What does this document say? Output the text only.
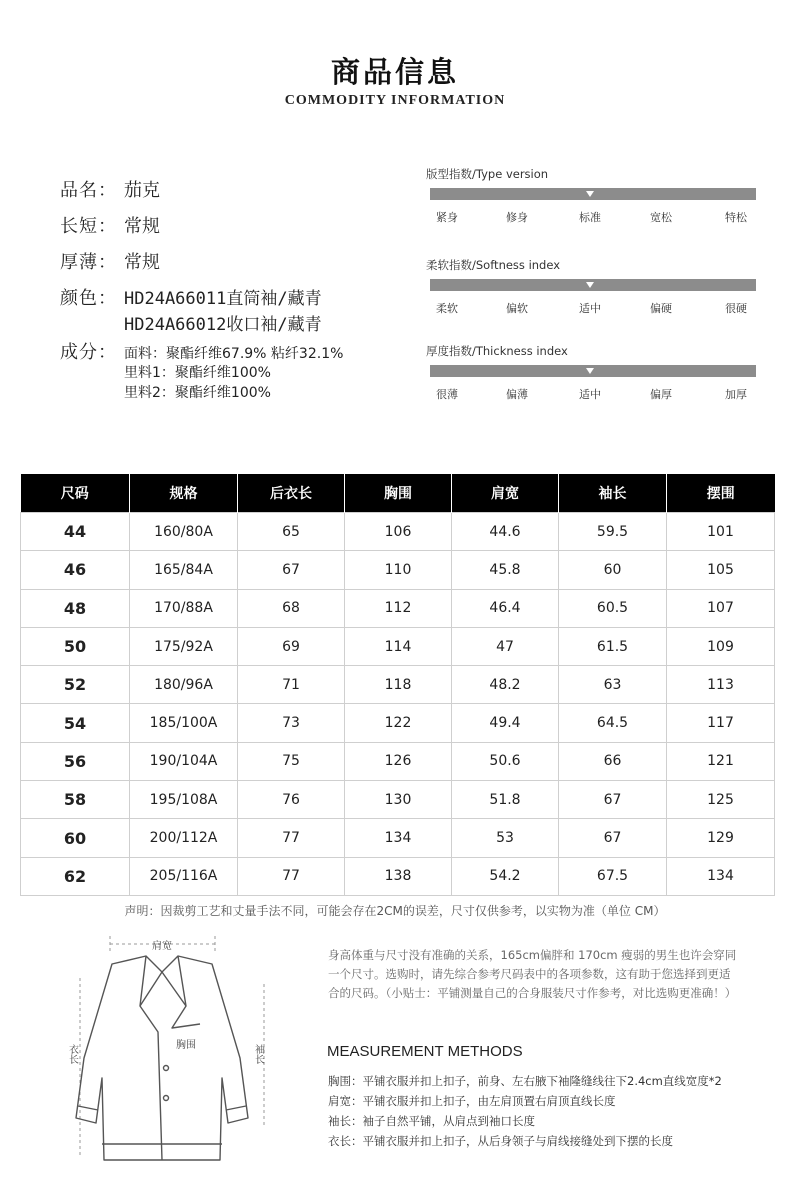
商品信息
COMMODITY INFORMATION
品名： 茄克
长短： 常规
厚薄： 常规
颜色： HD24A66011直筒袖/藏青
HD24A66012收口袖/藏青
成分： 面料：聚酯纤维67.9% 粘纤32.1%
里料1：聚酯纤维100%
里料2：聚酯纤维100%
版型指数/Type version
紧身	修身	标准	宽松	特松
柔软指数/Softness index
柔软	偏软	适中	偏硬	很硬
厚度指数/Thickness index
很薄	偏薄	适中	偏厚	加厚
尺码	规格	后衣长	胸围	肩宽	袖长	摆围
44	160/80A	65	106	44.6	59.5	101
46	165/84A	67	110	45.8	60	105
48	170/88A	68	112	46.4	60.5	107
50	175/92A	69	114	47	61.5	109
52	180/96A	71	118	48.2	63	113
54	185/100A	73	122	49.4	64.5	117
56	190/104A	75	126	50.6	66	121
58	195/108A	76	130	51.8	67	125
60	200/112A	77	134	53	67	129
62	205/116A	77	138	54.2	67.5	134
声明：因裁剪工艺和丈量手法不同，可能会存在2CM的误差，尺寸仅供参考，以实物为准（单位 CM）
肩宽
胸围
衣长	袖长
身高体重与尺寸没有准确的关系，165cm偏胖和 170cm 瘦弱的男生也许会穿同一个尺寸。选购时，请先综合参考尺码表中的各项参数，这有助于您选择到更适合的尺码。（小贴士：平铺测量自己的合身服装尺寸作参考，对比选购更准确！）
MEASUREMENT METHODS
胸围：平铺衣服并扣上扣子，前身、左右腋下袖隆缝线往下2.4cm直线宽度*2
肩宽：平铺衣服并扣上扣子，由左肩顶置右肩顶直线长度
袖长：袖子自然平铺，从肩点到袖口长度
衣长：平铺衣服并扣上扣子，从后身领子与肩线接缝处到下摆的长度
